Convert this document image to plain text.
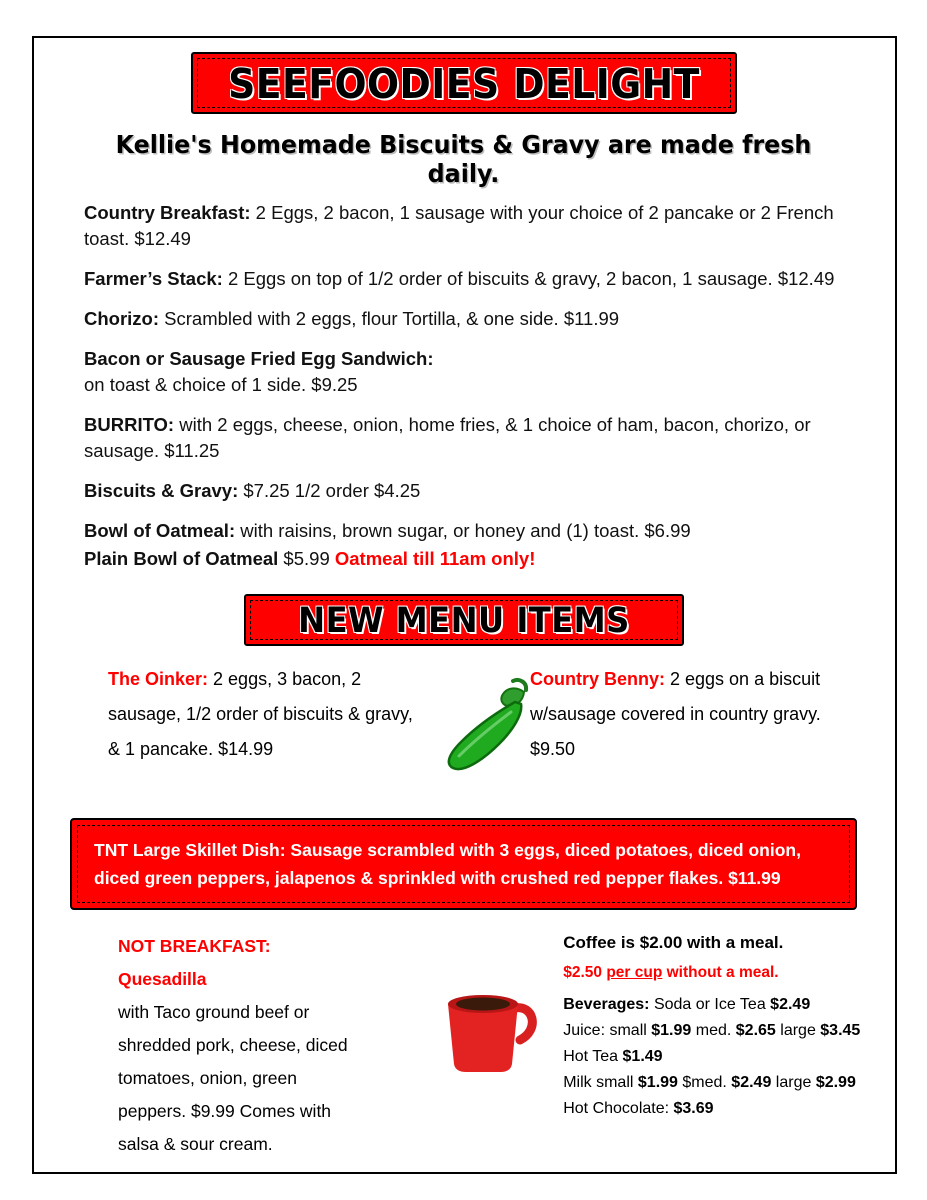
SEEFOODIES DELIGHT
Kellie's Homemade Biscuits & Gravy are made fresh daily.
Country Breakfast: 2 Eggs, 2 bacon, 1 sausage with your choice of 2 pancake or 2 French toast. $12.49
Farmer’s Stack: 2 Eggs on top of 1/2 order of biscuits & gravy, 2 bacon, 1 sausage. $12.49
Chorizo: Scrambled with 2 eggs, flour Tortilla, & one side. $11.99
Bacon or Sausage Fried Egg Sandwich:
on toast & choice of 1 side. $9.25
BURRITO: with 2 eggs, cheese, onion, home fries, & 1 choice of ham, bacon, chorizo, or sausage. $11.25
Biscuits & Gravy: $7.25 1/2 order $4.25
Bowl of Oatmeal: with raisins, brown sugar, or honey and (1) toast. $6.99
Plain Bowl of Oatmeal $5.99 Oatmeal till 11am only!
NEW MENU ITEMS
The Oinker: 2 eggs, 3 bacon, 2 sausage, 1/2 order of biscuits & gravy, & 1 pancake. $14.99
Country Benny: 2 eggs on a biscuit w/sausage covered in country gravy. $9.50
TNT Large Skillet Dish: Sausage scrambled with 3 eggs, diced potatoes, diced onion, diced green peppers, jalapenos & sprinkled with crushed red pepper flakes. $11.99
NOT BREAKFAST: Quesadilla
with Taco ground beef or shredded pork, cheese, diced tomatoes, onion, green peppers. $9.99 Comes with salsa & sour cream.
Coffee is $2.00 with a meal.
$2.50 per cup without a meal.
Beverages: Soda or Ice Tea $2.49
Juice: small $1.99 med. $2.65 large $3.45
Hot Tea $1.49
Milk small $1.99 $med. $2.49 large $2.99
Hot Chocolate: $3.69
